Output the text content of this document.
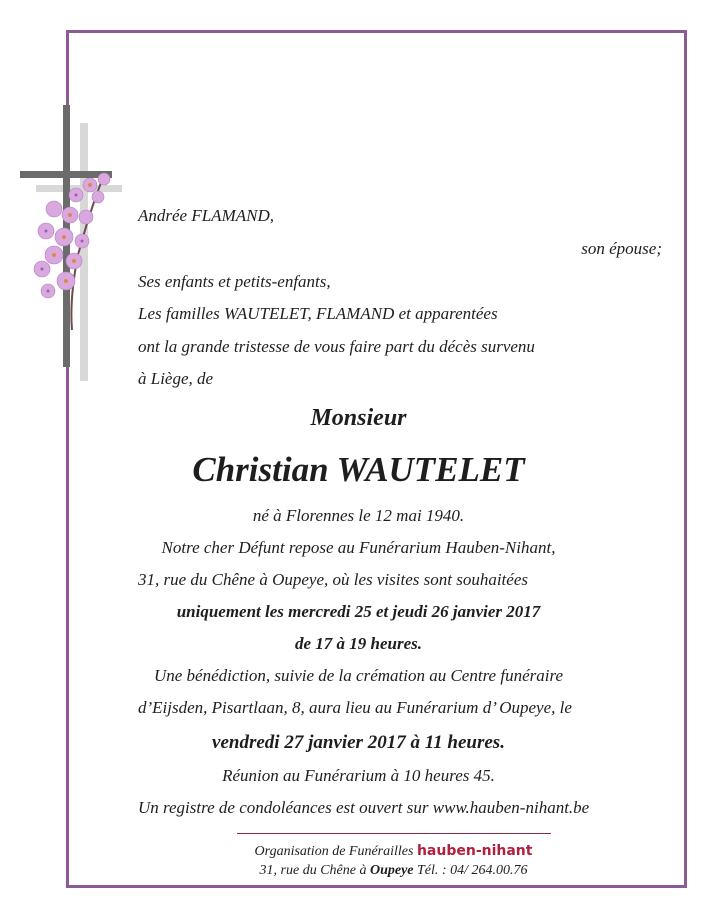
Andrée FLAMAND,
son épouse;
Ses enfants et petits-enfants,
Les familles WAUTELET, FLAMAND et apparentées
ont la grande tristesse de vous faire part du décès survenu
à Liège, de
Monsieur
Christian WAUTELET
né à Florennes le 12 mai 1940.
Notre cher Défunt repose au Funérarium Hauben-Nihant,
31, rue du Chêne à Oupeye, où les visites sont souhaitées
uniquement les mercredi 25 et jeudi 26 janvier 2017
de 17 à 19 heures.
Une bénédiction, suivie de la crémation au Centre funéraire
d’Eijsden, Pisartlaan, 8, aura lieu au Funérarium d’ Oupeye, le
vendredi 27 janvier 2017 à 11 heures.
Réunion au Funérarium à 10 heures 45.
Un registre de condoléances est ouvert sur www.hauben-nihant.be
Organisation de Funérailles hauben-nihant
31, rue du Chêne à Oupeye Tél. : 04/ 264.00.76
